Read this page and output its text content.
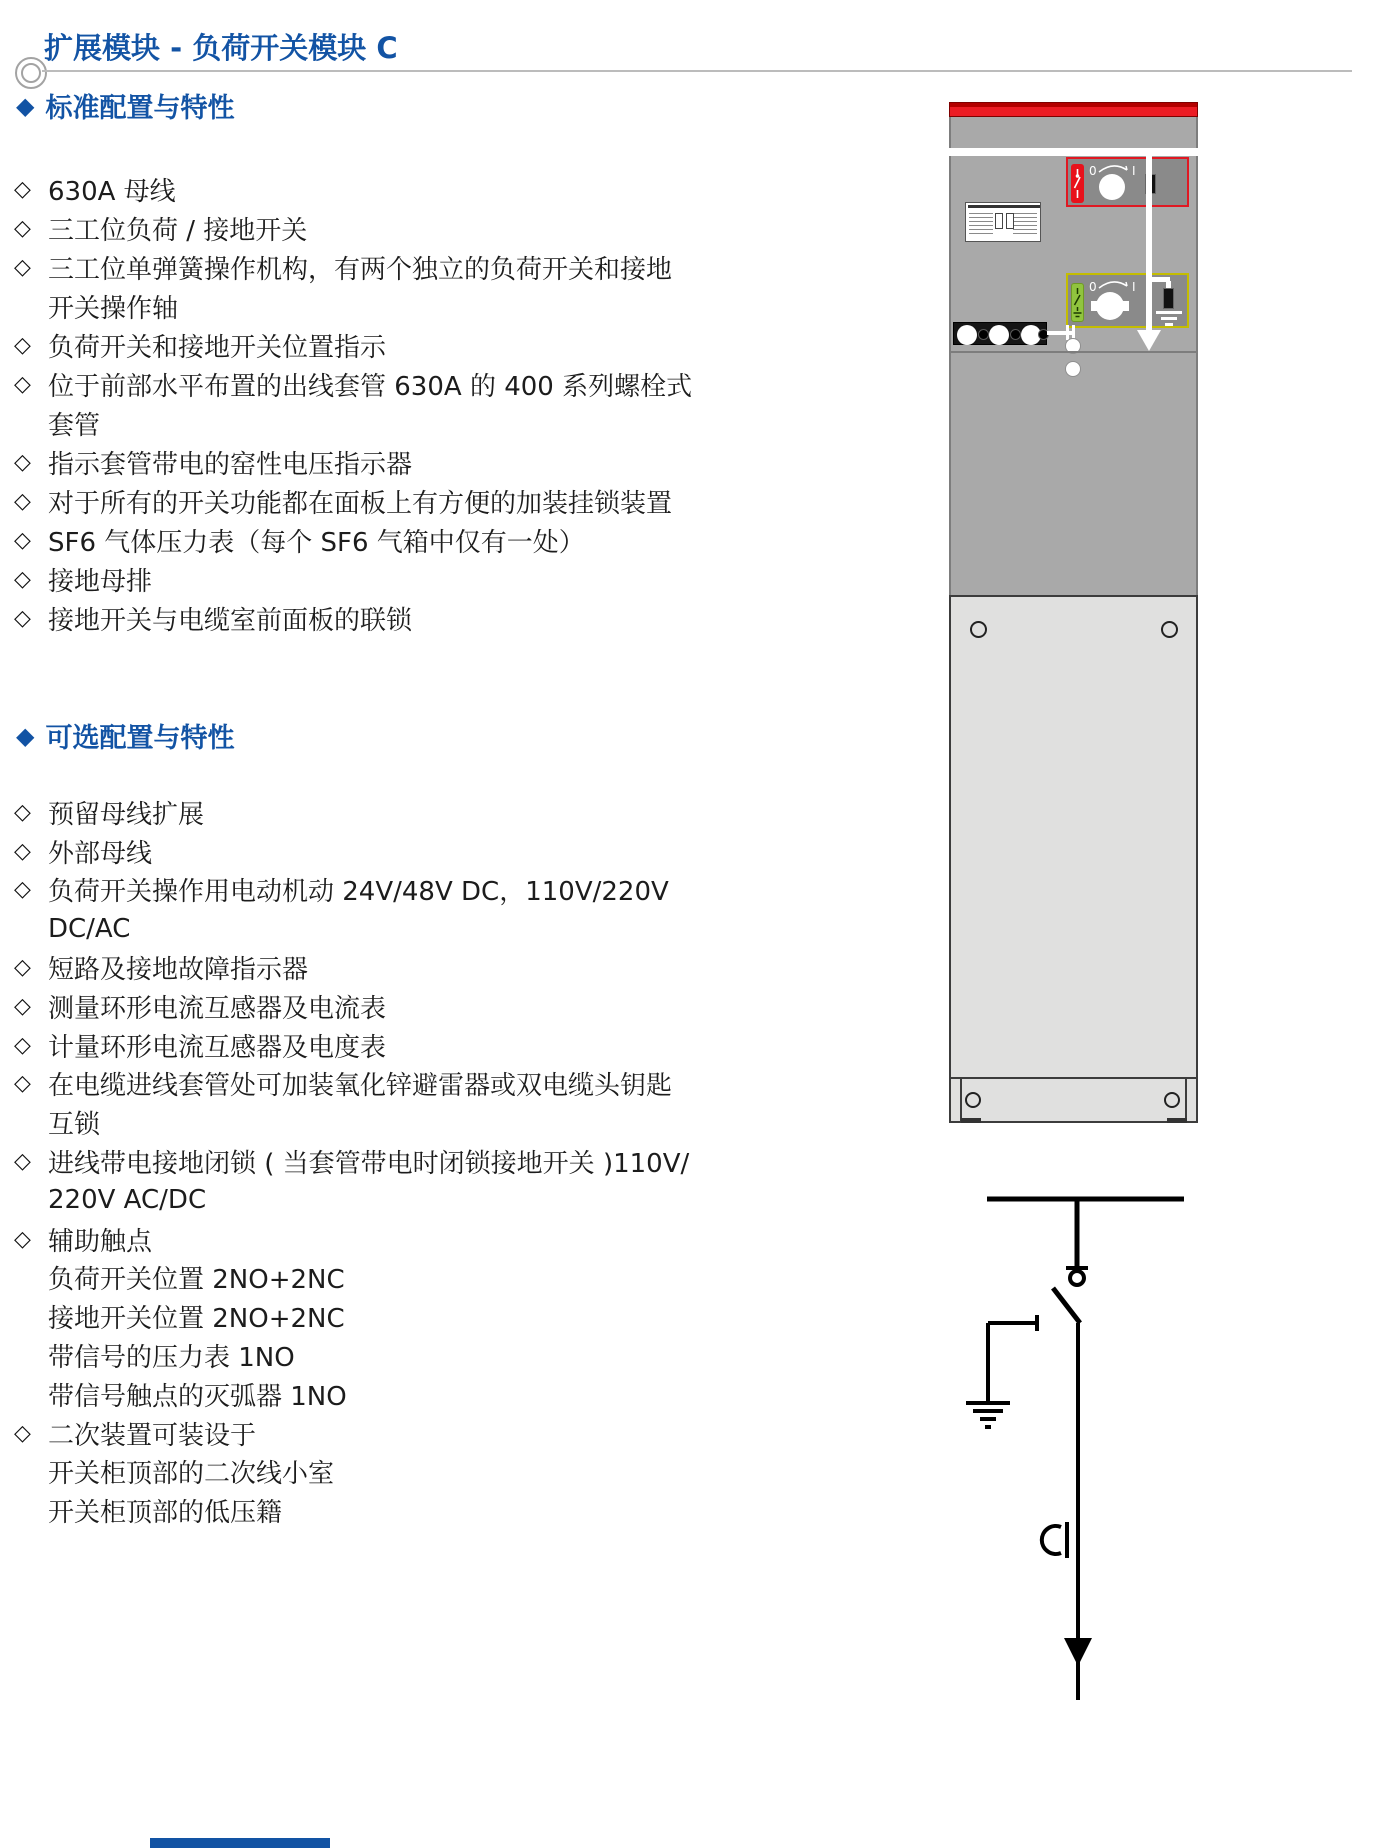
扩展模块 - 负荷开关模块 C
◆ 标准配置与特性
◆ 可选配置与特性
◇ 630A 母线
◇ 三工位负荷 / 接地开关
◇ 三工位单弹簧操作机构，有两个独立的负荷开关和接地
开关操作轴
◇ 负荷开关和接地开关位置指示
◇ 位于前部水平布置的出线套管 630A 的 400 系列螺栓式
套管
◇ 指示套管带电的窑性电压指示器
◇ 对于所有的开关功能都在面板上有方便的加装挂锁装置
◇ SF6 气体压力表（每个 SF6 气箱中仅有一处）
◇ 接地母排
◇ 接地开关与电缆室前面板的联锁
◇ 预留母线扩展
◇ 外部母线
◇ 负荷开关操作用电动机动 24V/48V DC，110V/220V
DC/AC
◇ 短路及接地故障指示器
◇ 测量环形电流互感器及电流表
◇ 计量环形电流互感器及电度表
◇ 在电缆进线套管处可加装氧化锌避雷器或双电缆头钥匙
互锁
◇ 进线带电接地闭锁 ( 当套管带电时闭锁接地开关 )110V/
220V AC/DC
◇ 辅助触点
负荷开关位置 2NO+2NC
接地开关位置 2NO+2NC
带信号的压力表 1NO
带信号触点的灭弧器 1NO
◇ 二次装置可装设于
开关柜顶部的二次线小室
开关柜顶部的低压籍
0	I
0	I
